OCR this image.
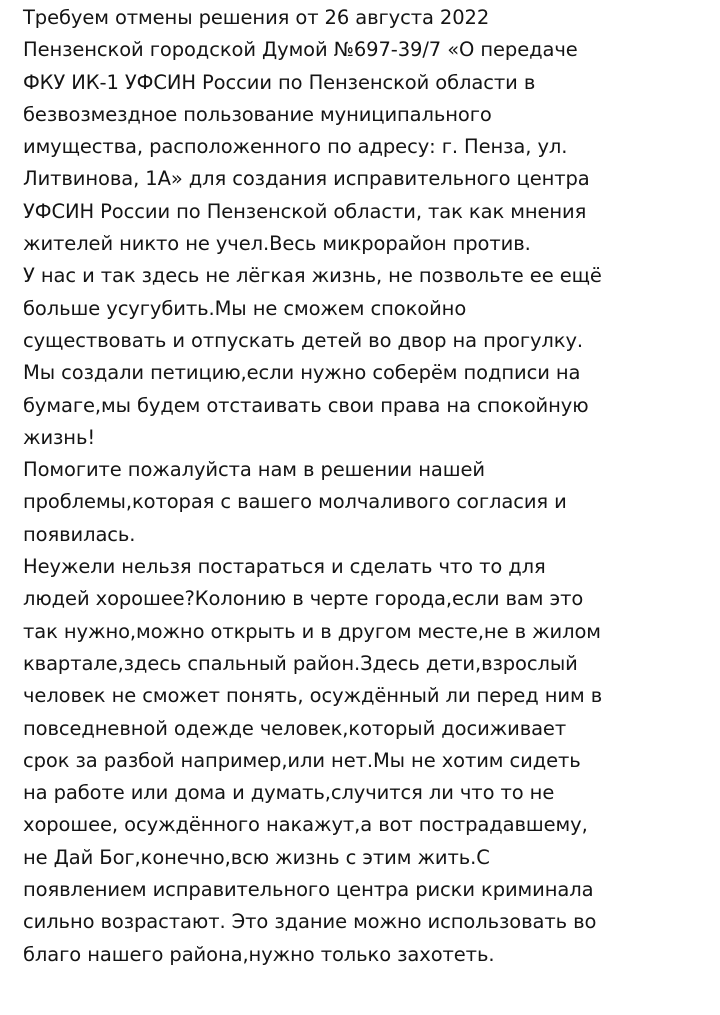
Требуем отмены решения от 26 августа 2022
Пензенской городской Думой №697-39/7 «О передаче
ФКУ ИК-1 УФСИН России по Пензенской области в
безвозмездное пользование муниципального
имущества, расположенного по адресу: г. Пенза, ул.
Литвинова, 1А» для создания исправительного центра
УФСИН России по Пензенской области, так как мнения
жителей никто не учел.Весь микрорайон против.
У нас и так здесь не лёгкая жизнь, не позвольте ее ещё
больше усугубить.Мы не сможем спокойно
существовать и отпускать детей во двор на прогулку.
Мы создали петицию,если нужно соберём подписи на
бумаге,мы будем отстаивать свои права на спокойную
жизнь!
Помогите пожалуйста нам в решении нашей
проблемы,которая с вашего молчаливого согласия и
появилась.
Неужели нельзя постараться и сделать что то для
людей хорошее?Колонию в черте города,если вам это
так нужно,можно открыть и в другом месте,не в жилом
квартале,здесь спальный район.Здесь дети,взрослый
человек не сможет понять, осуждённый ли перед ним в
повседневной одежде человек,который досиживает
срок за разбой например,или нет.Мы не хотим сидеть
на работе или дома и думать,случится ли что то не
хорошее, осуждённого накажут,а вот пострадавшему,
не Дай Бог,конечно,всю жизнь с этим жить.С
появлением исправительного центра риски криминала
сильно возрастают. Это здание можно использовать во
благо нашего района,нужно только захотеть.
